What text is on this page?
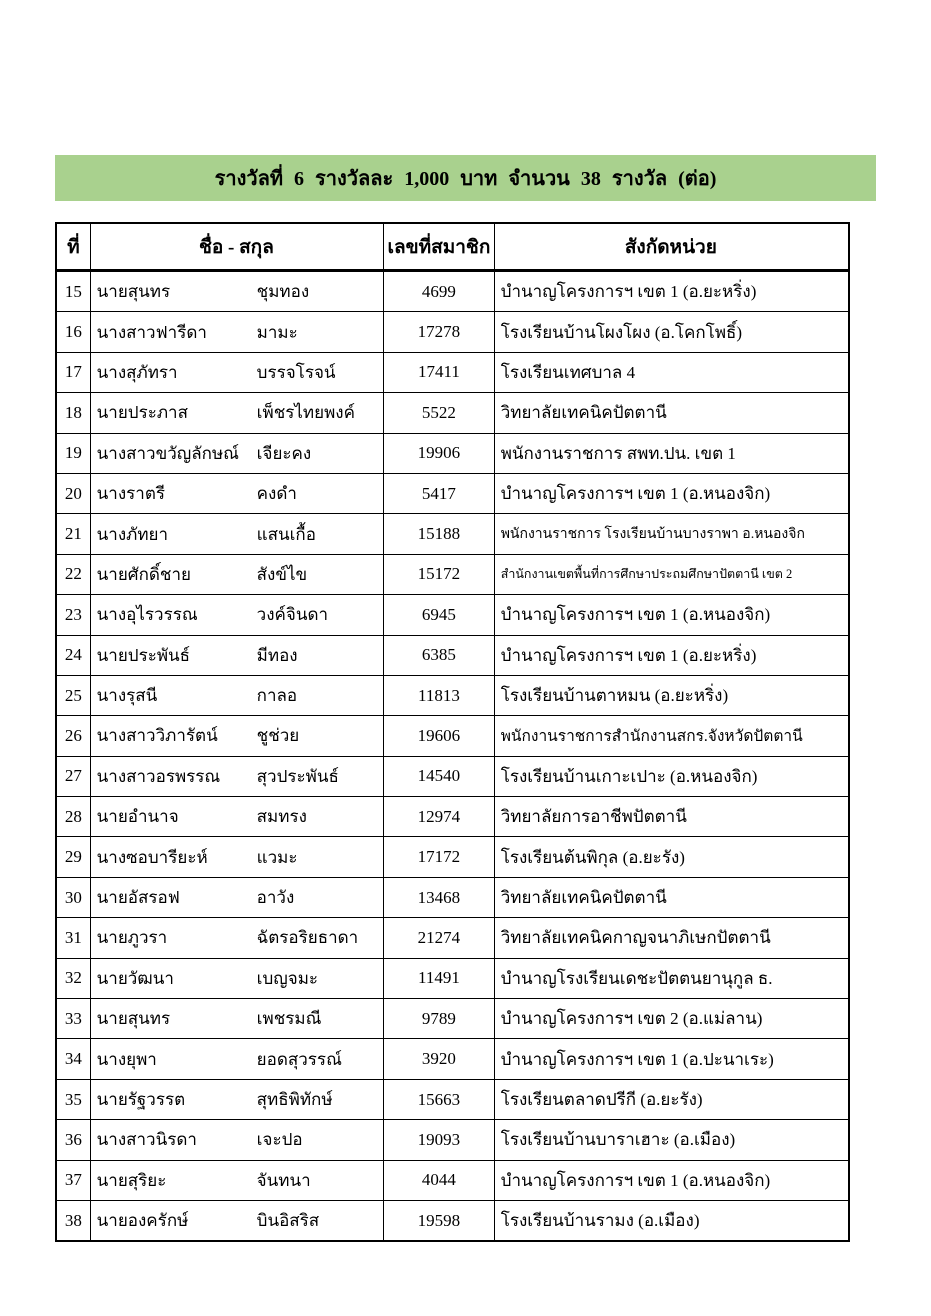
รางวัลที่ 6 รางวัลละ 1,000 บาท จำนวน 38 รางวัล (ต่อ)
ที่	ชื่อ - สกุล	เลขที่สมาชิก	สังกัดหน่วย
15	นายสุนทร ชุมทอง	4699	บำนาญโครงการฯ เขต 1 (อ.ยะหริ่ง)
16	นางสาวฟารีดา มามะ	17278	โรงเรียนบ้านโผงโผง (อ.โคกโพธิ์)
17	นางสุภัทรา บรรจโรจน์	17411	โรงเรียนเทศบาล 4
18	นายประภาส เพ็ชรไทยพงค์	5522	วิทยาลัยเทคนิคปัตตานี
19	นางสาวขวัญลักษณ์ เจียะคง	19906	พนักงานราชการ สพท.ปน. เขต 1
20	นางราตรี คงดำ	5417	บำนาญโครงการฯ เขต 1 (อ.หนองจิก)
21	นางภัทยา แสนเกื้อ	15188	พนักงานราชการ โรงเรียนบ้านบางราพา อ.หนองจิก
22	นายศักดิ์ชาย สังข์ไข	15172	สำนักงานเขตพื้นที่การศึกษาประถมศึกษาปัตตานี เขต 2
23	นางอุไรวรรณ วงค์จินดา	6945	บำนาญโครงการฯ เขต 1 (อ.หนองจิก)
24	นายประพันธ์ มีทอง	6385	บำนาญโครงการฯ เขต 1 (อ.ยะหริ่ง)
25	นางรุสนี กาลอ	11813	โรงเรียนบ้านตาหมน (อ.ยะหริ่ง)
26	นางสาววิภารัตน์ ชูช่วย	19606	พนักงานราชการสำนักงานสกร.จังหวัดปัตตานี
27	นางสาวอรพรรณ สุวประพันธ์	14540	โรงเรียนบ้านเกาะเปาะ (อ.หนองจิก)
28	นายอำนาจ สมทรง	12974	วิทยาลัยการอาชีพปัตตานี
29	นางซอบารียะห์ แวมะ	17172	โรงเรียนต้นพิกุล (อ.ยะรัง)
30	นายอัสรอฟ อาวัง	13468	วิทยาลัยเทคนิคปัตตานี
31	นายภูวรา ฉัตรอริยธาดา	21274	วิทยาลัยเทคนิคกาญจนาภิเษกปัตตานี
32	นายวัฒนา เบญจมะ	11491	บำนาญโรงเรียนเดชะปัตตนยานุกูล ธ.
33	นายสุนทร เพชรมณี	9789	บำนาญโครงการฯ เขต 2 (อ.แม่ลาน)
34	นางยุพา ยอดสุวรรณ์	3920	บำนาญโครงการฯ เขต 1 (อ.ปะนาเระ)
35	นายรัฐวรรต สุทธิพิทักษ์	15663	โรงเรียนตลาดปรีกี (อ.ยะรัง)
36	นางสาวนิรดา เจะปอ	19093	โรงเรียนบ้านบาราเฮาะ (อ.เมือง)
37	นายสุริยะ จันทนา	4044	บำนาญโครงการฯ เขต 1 (อ.หนองจิก)
38	นายองครักษ์ บินอิสริส	19598	โรงเรียนบ้านรามง (อ.เมือง)
